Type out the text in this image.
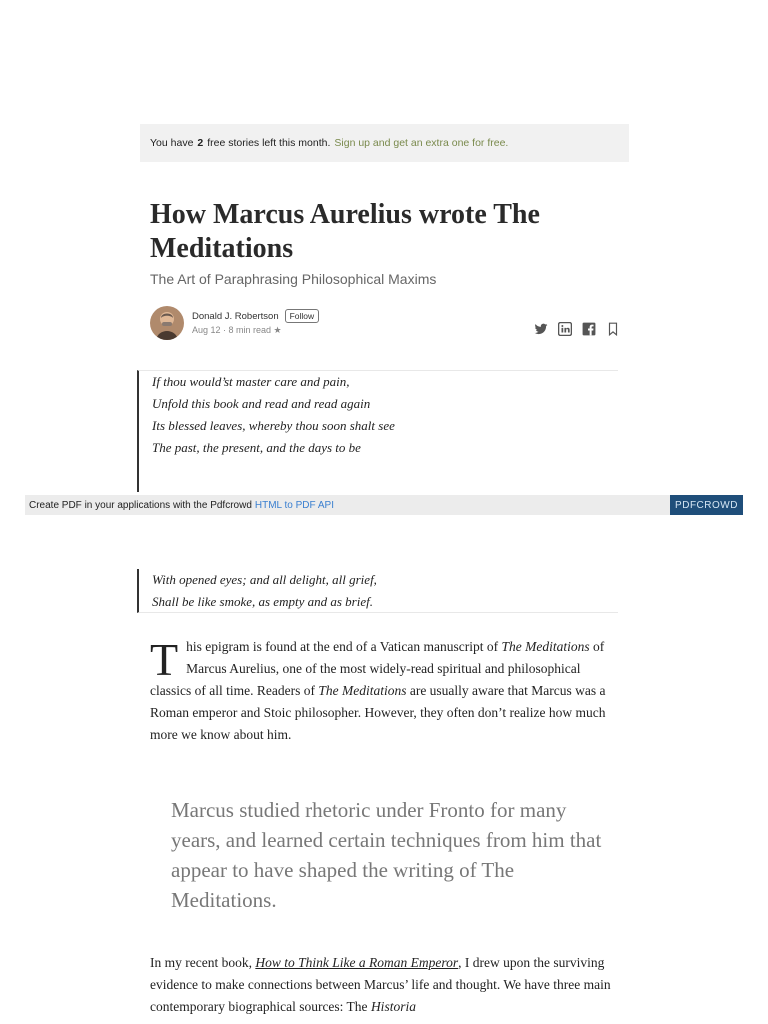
You have 2 free stories left this month. Sign up and get an extra one for free.
How Marcus Aurelius wrote The Meditations
The Art of Paraphrasing Philosophical Maxims
Donald J. Robertson	Follow
Aug 12 · 8 min read ★
If thou would’st master care and pain,
Unfold this book and read and read again
Its blessed leaves, whereby thou soon shalt see
The past, the present, and the days to be
Create PDF in your applications with the Pdfcrowd HTML to PDF API	PDFCROWD
With opened eyes; and all delight, all grief,
Shall be like smoke, as empty and as brief.

This epigram is found at the end of a Vatican manuscript of The Meditations of Marcus Aurelius, one of the most widely-read spiritual and philosophical classics of all time. Readers of The Meditations are usually aware that Marcus was a Roman emperor and Stoic philosopher. However, they often don’t realize how much more we know about him.

Marcus studied rhetoric under Fronto for many years, and learned certain techniques from him that appear to have shaped the writing of The Meditations.

In my recent book, How to Think Like a Roman Emperor, I drew upon the surviving evidence to make connections between Marcus’ life and thought. We have three main contemporary biographical sources: The Historia
